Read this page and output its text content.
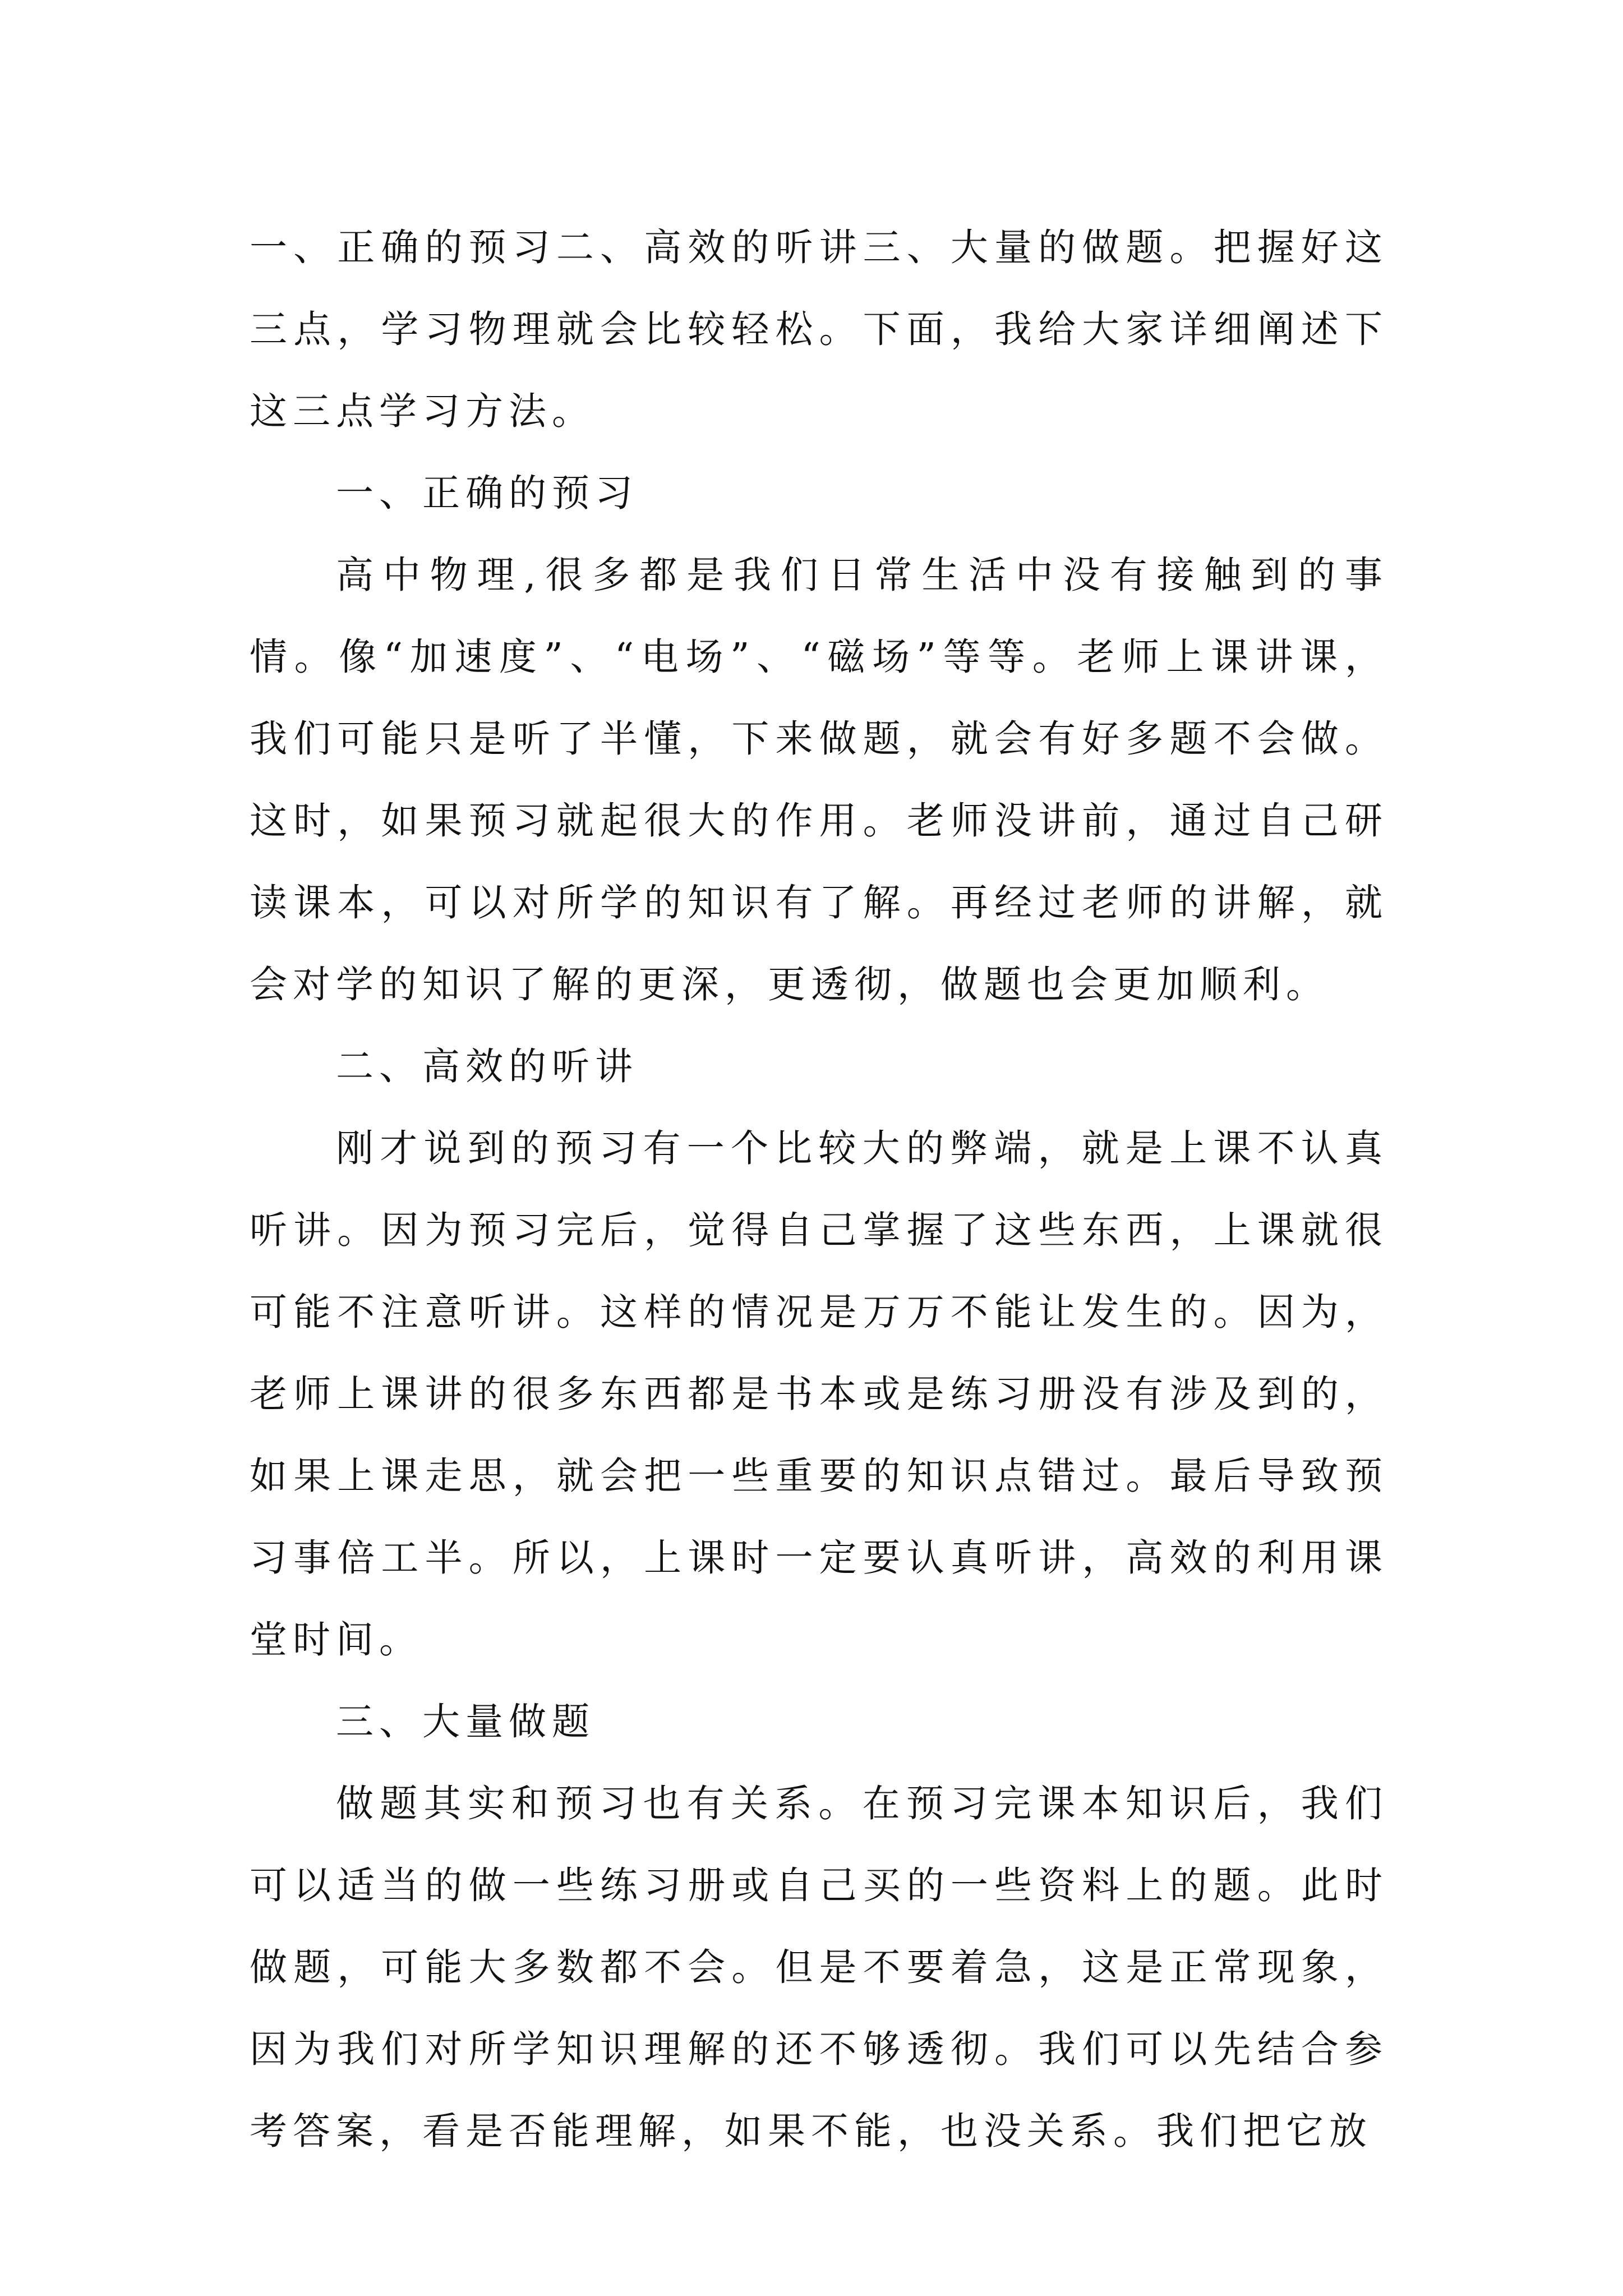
一、正确的预习二、高效的听讲三、大量的做题。把握好这三点，学习物理就会比较轻松。下面，我给大家详细阐述下这三点学习方法。

一、正确的预习

高中物理,很多都是我们日常生活中没有接触到的事情。像“加速度”、“电场”、“磁场”等等。老师上课讲课，我们可能只是听了半懂，下来做题，就会有好多题不会做。这时，如果预习就起很大的作用。老师没讲前，通过自己研读课本，可以对所学的知识有了解。再经过老师的讲解，就会对学的知识了解的更深，更透彻，做题也会更加顺利。

二、高效的听讲

刚才说到的预习有一个比较大的弊端，就是上课不认真听讲。因为预习完后，觉得自己掌握了这些东西，上课就很可能不注意听讲。这样的情况是万万不能让发生的。因为，老师上课讲的很多东西都是书本或是练习册没有涉及到的，如果上课走思，就会把一些重要的知识点错过。最后导致预习事倍工半。所以，上课时一定要认真听讲，高效的利用课堂时间。

三、大量做题

做题其实和预习也有关系。在预习完课本知识后，我们可以适当的做一些练习册或自己买的一些资料上的题。此时做题，可能大多数都不会。但是不要着急，这是正常现象，因为我们对所学知识理解的还不够透彻。我们可以先结合参考答案，看是否能理解，如果不能，也没关系。我们把它放
